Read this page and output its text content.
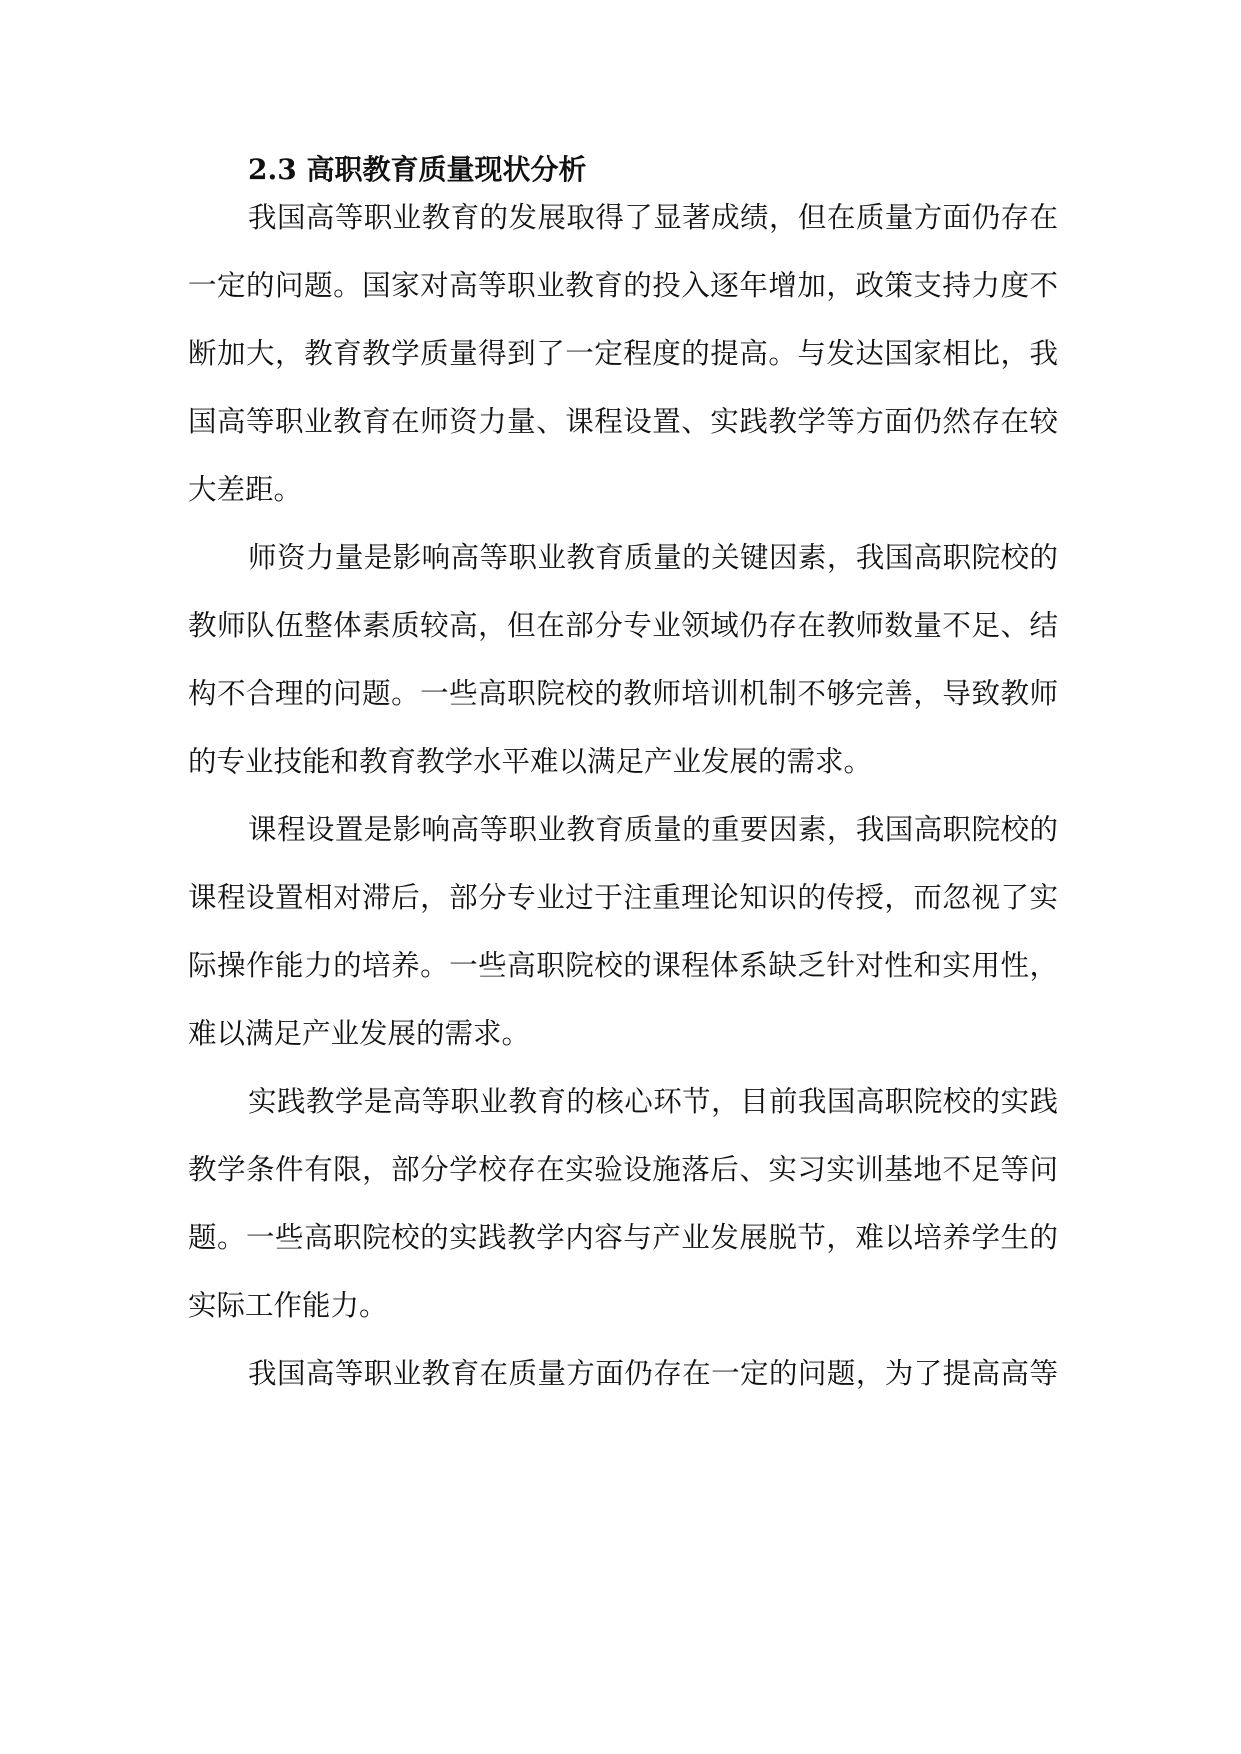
2.3 高职教育质量现状分析
我国高等职业教育的发展取得了显著成绩，但在质量方面仍存在
一定的问题。国家对高等职业教育的投入逐年增加，政策支持力度不
断加大，教育教学质量得到了一定程度的提高。与发达国家相比，我
国高等职业教育在师资力量、课程设置、实践教学等方面仍然存在较
大差距。
师资力量是影响高等职业教育质量的关键因素，我国高职院校的
教师队伍整体素质较高，但在部分专业领域仍存在教师数量不足、结
构不合理的问题。一些高职院校的教师培训机制不够完善，导致教师
的专业技能和教育教学水平难以满足产业发展的需求。
课程设置是影响高等职业教育质量的重要因素，我国高职院校的
课程设置相对滞后，部分专业过于注重理论知识的传授，而忽视了实
际操作能力的培养。一些高职院校的课程体系缺乏针对性和实用性，
难以满足产业发展的需求。
实践教学是高等职业教育的核心环节，目前我国高职院校的实践
教学条件有限，部分学校存在实验设施落后、实习实训基地不足等问
题。一些高职院校的实践教学内容与产业发展脱节，难以培养学生的
实际工作能力。
我国高等职业教育在质量方面仍存在一定的问题，为了提高高等
